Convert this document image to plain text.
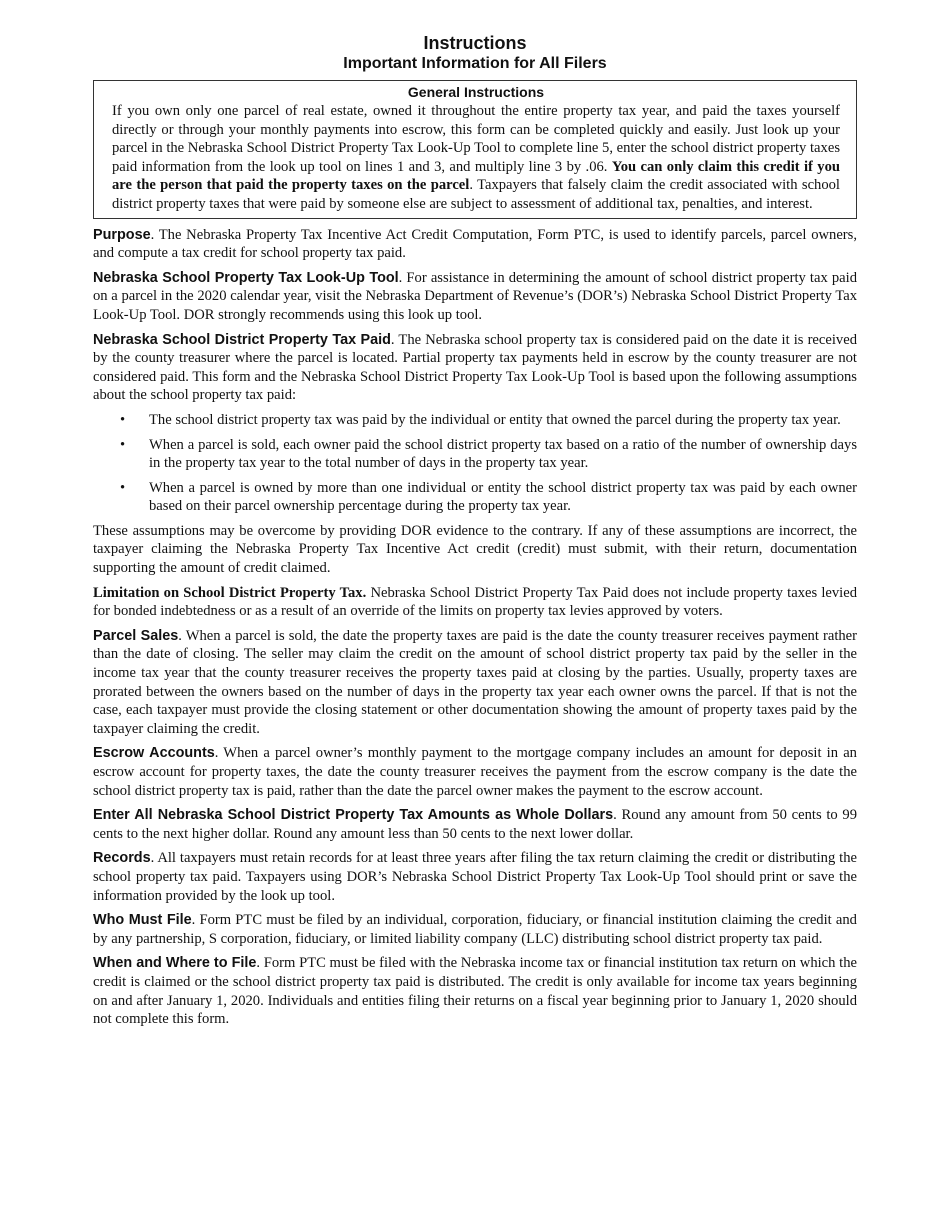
Instructions
Important Information for All Filers
General Instructions

If you own only one parcel of real estate, owned it throughout the entire property tax year, and paid the taxes yourself directly or through your monthly payments into escrow, this form can be completed quickly and easily. Just look up your parcel in the Nebraska School District Property Tax Look-Up Tool to complete line 5, enter the school district property taxes paid information from the look up tool on lines 1 and 3, and multiply line 3 by .06. You can only claim this credit if you are the person that paid the property taxes on the parcel. Taxpayers that falsely claim the credit associated with school district property taxes that were paid by someone else are subject to assessment of additional tax, penalties, and interest.

Purpose. The Nebraska Property Tax Incentive Act Credit Computation, Form PTC, is used to identify parcels, parcel owners, and compute a tax credit for school property tax paid.

Nebraska School Property Tax Look-Up Tool. For assistance in determining the amount of school district property tax paid on a parcel in the 2020 calendar year, visit the Nebraska Department of Revenue’s (DOR’s) Nebraska School District Property Tax Look-Up Tool. DOR strongly recommends using this look up tool.

Nebraska School District Property Tax Paid. The Nebraska school property tax is considered paid on the date it is received by the county treasurer where the parcel is located. Partial property tax payments held in escrow by the county treasurer are not considered paid. This form and the Nebraska School District Property Tax Look-Up Tool is based upon the following assumptions about the school property tax paid:

• The school district property tax was paid by the individual or entity that owned the parcel during the property tax year.
• When a parcel is sold, each owner paid the school district property tax based on a ratio of the number of ownership days in the property tax year to the total number of days in the property tax year.
• When a parcel is owned by more than one individual or entity the school district property tax was paid by each owner based on their parcel ownership percentage during the property tax year.

These assumptions may be overcome by providing DOR evidence to the contrary. If any of these assumptions are incorrect, the taxpayer claiming the Nebraska Property Tax Incentive Act credit (credit) must submit, with their return, documentation supporting the amount of credit claimed.

Limitation on School District Property Tax. Nebraska School District Property Tax Paid does not include property taxes levied for bonded indebtedness or as a result of an override of the limits on property tax levies approved by voters.

Parcel Sales. When a parcel is sold, the date the property taxes are paid is the date the county treasurer receives payment rather than the date of closing. The seller may claim the credit on the amount of school district property tax paid by the seller in the income tax year that the county treasurer receives the property taxes paid at closing by the parties. Usually, property taxes are prorated between the owners based on the number of days in the property tax year each owner owns the parcel. If that is not the case, each taxpayer must provide the closing statement or other documentation showing the amount of property taxes paid by the taxpayer claiming the credit.

Escrow Accounts. When a parcel owner’s monthly payment to the mortgage company includes an amount for deposit in an escrow account for property taxes, the date the county treasurer receives the payment from the escrow company is the date the school district property tax is paid, rather than the date the parcel owner makes the payment to the escrow account.

Enter All Nebraska School District Property Tax Amounts as Whole Dollars. Round any amount from 50 cents to 99 cents to the next higher dollar. Round any amount less than 50 cents to the next lower dollar.

Records. All taxpayers must retain records for at least three years after filing the tax return claiming the credit or distributing the school property tax paid. Taxpayers using DOR’s Nebraska School District Property Tax Look-Up Tool should print or save the information provided by the look up tool.

Who Must File. Form PTC must be filed by an individual, corporation, fiduciary, or financial institution claiming the credit and by any partnership, S corporation, fiduciary, or limited liability company (LLC) distributing school district property tax paid.

When and Where to File. Form PTC must be filed with the Nebraska income tax or financial institution tax return on which the credit is claimed or the school district property tax paid is distributed. The credit is only available for income tax years beginning on and after January 1, 2020. Individuals and entities filing their returns on a fiscal year beginning prior to January 1, 2020 should not complete this form.
